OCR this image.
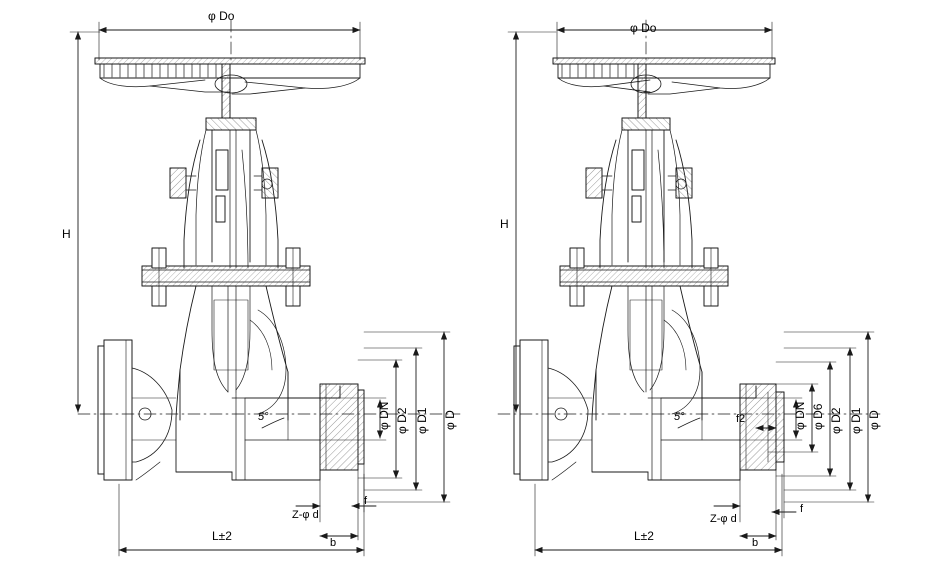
φ Do
H
L±2
φ DN φ D2 φ D1 φ D
Z-φ d
b
f
5°
φ Do
H
L±2
φ DN φ D6 φ D2 φ D1 φ D
Z-φ d
b
f
f2
5°
